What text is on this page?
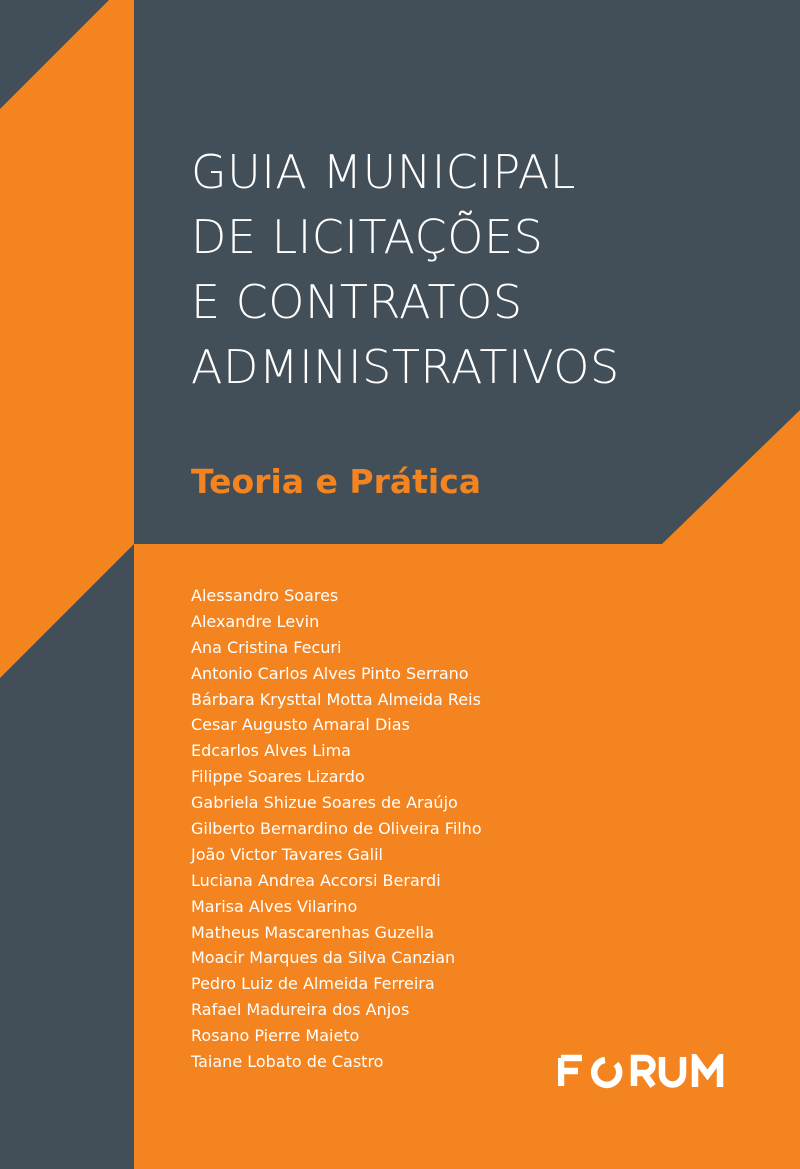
GUIA MUNICIPAL
DE LICITAÇÕES
E CONTRATOS
ADMINISTRATIVOS
Teoria e Prática
Alessandro Soares
Alexandre Levin
Ana Cristina Fecuri
Antonio Carlos Alves Pinto Serrano
Bárbara Krysttal Motta Almeida Reis
Cesar Augusto Amaral Dias
Edcarlos Alves Lima
Filippe Soares Lizardo
Gabriela Shizue Soares de Araújo
Gilberto Bernardino de Oliveira Filho
João Victor Tavares Galil
Luciana Andrea Accorsi Berardi
Marisa Alves Vilarino
Matheus Mascarenhas Guzella
Moacir Marques da Silva Canzian
Pedro Luiz de Almeida Ferreira
Rafael Madureira dos Anjos
Rosano Pierre Maieto
Taiane Lobato de Castro
